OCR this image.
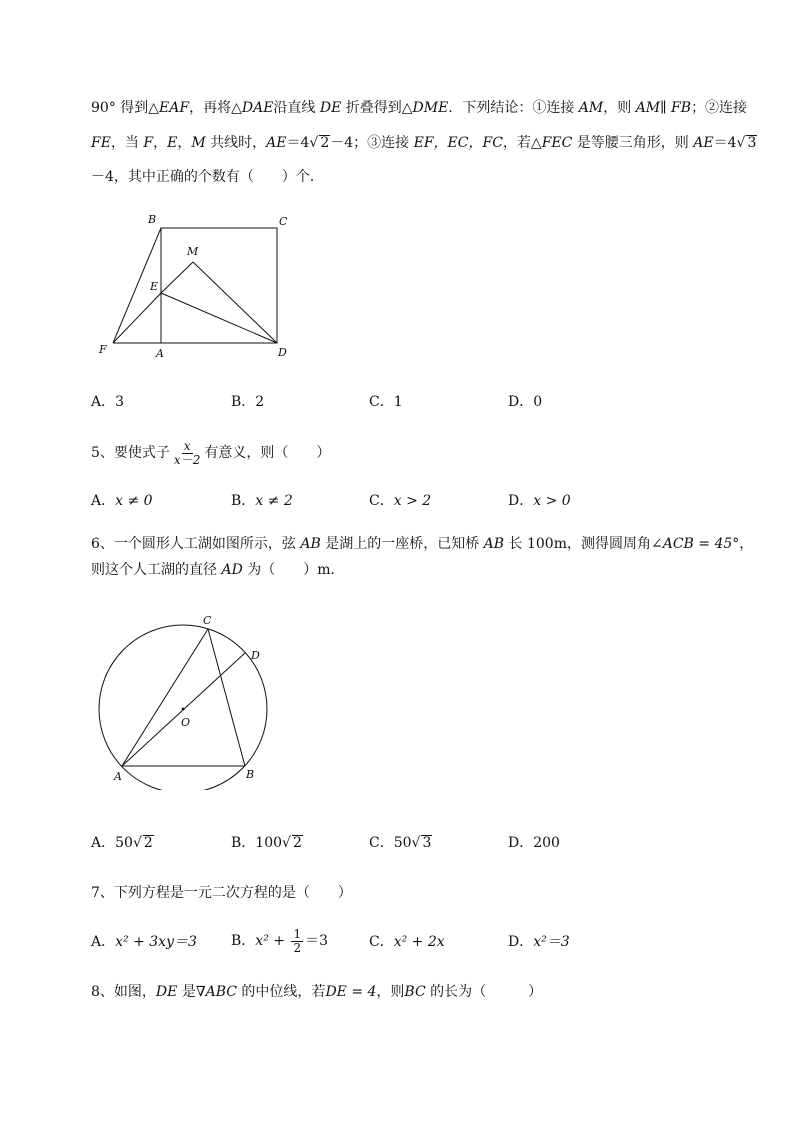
90° 得到△EAF，再将△DAE沿直线 DE 折叠得到△DME．下列结论：①连接 AM，则 AM∥ FB；②连接
FE，当 F，E，M 共线时，AE＝4√ 2－4；③连接 EF，EC，FC，若△FEC 是等腰三角形，则 AE＝4√ 3
－4，其中正确的个数有（　　）个．
B	C
M
E
F	A	D
A．3	B．2	C．1	D．0
5、要使式子 $\frac{x}{x-2}$ 有意义，则（　　）
A．x ≠ 0	B．x ≠ 2	C．x > 2	D．x > 0
6、一个圆形人工湖如图所示，弦 AB 是湖上的一座桥，已知桥 AB 长 100m，测得圆周角∠ACB = 45°，
则这个人工湖的直径 AD 为（　　）m．
C
D
O
A	B
A．50√ 2	B．100√ 2	C．50√ 3	D．200
7、下列方程是一元二次方程的是（　　）
A．x² + 3xy＝3 B．$x^2 + \frac{1}{2} =3$	C．x² + 2x	D．x²＝3
8、如图，DE 是∇ABC 的中位线，若DE = 4，则BC 的长为（　　　）
